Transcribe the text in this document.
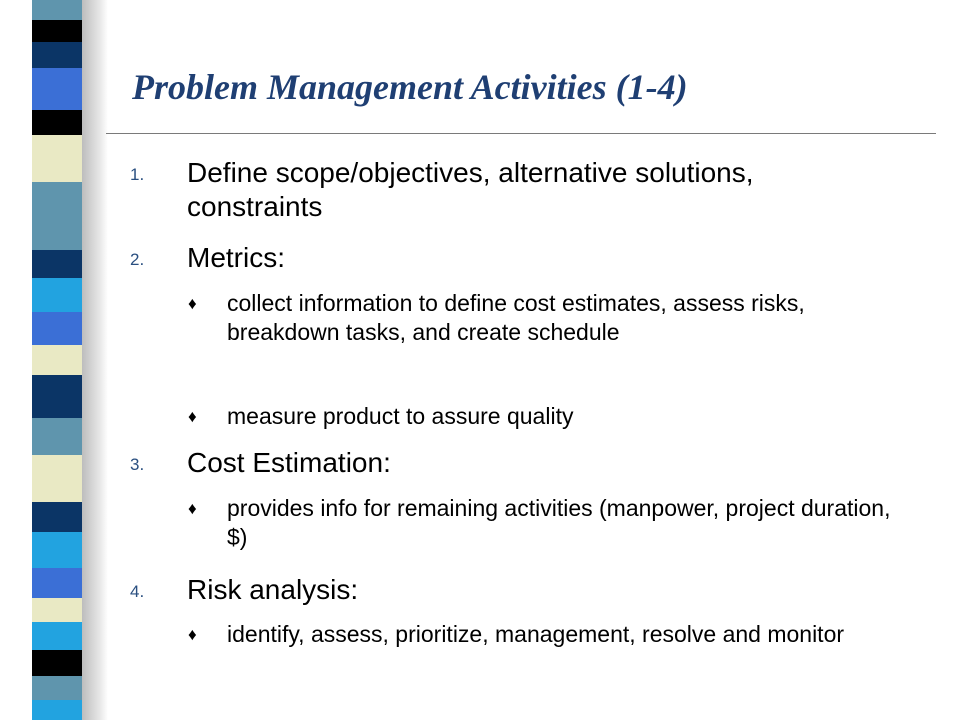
Problem Management Activities (1-4)
1. Define scope/objectives, alternative solutions, constraints
2. Metrics:
♦ collect information to define cost estimates, assess risks, breakdown tasks, and create schedule
♦ measure product to assure quality
3. Cost Estimation:
♦ provides info for remaining activities (manpower, project duration, $)
4. Risk analysis:
♦ identify, assess, prioritize, management, resolve and monitor
